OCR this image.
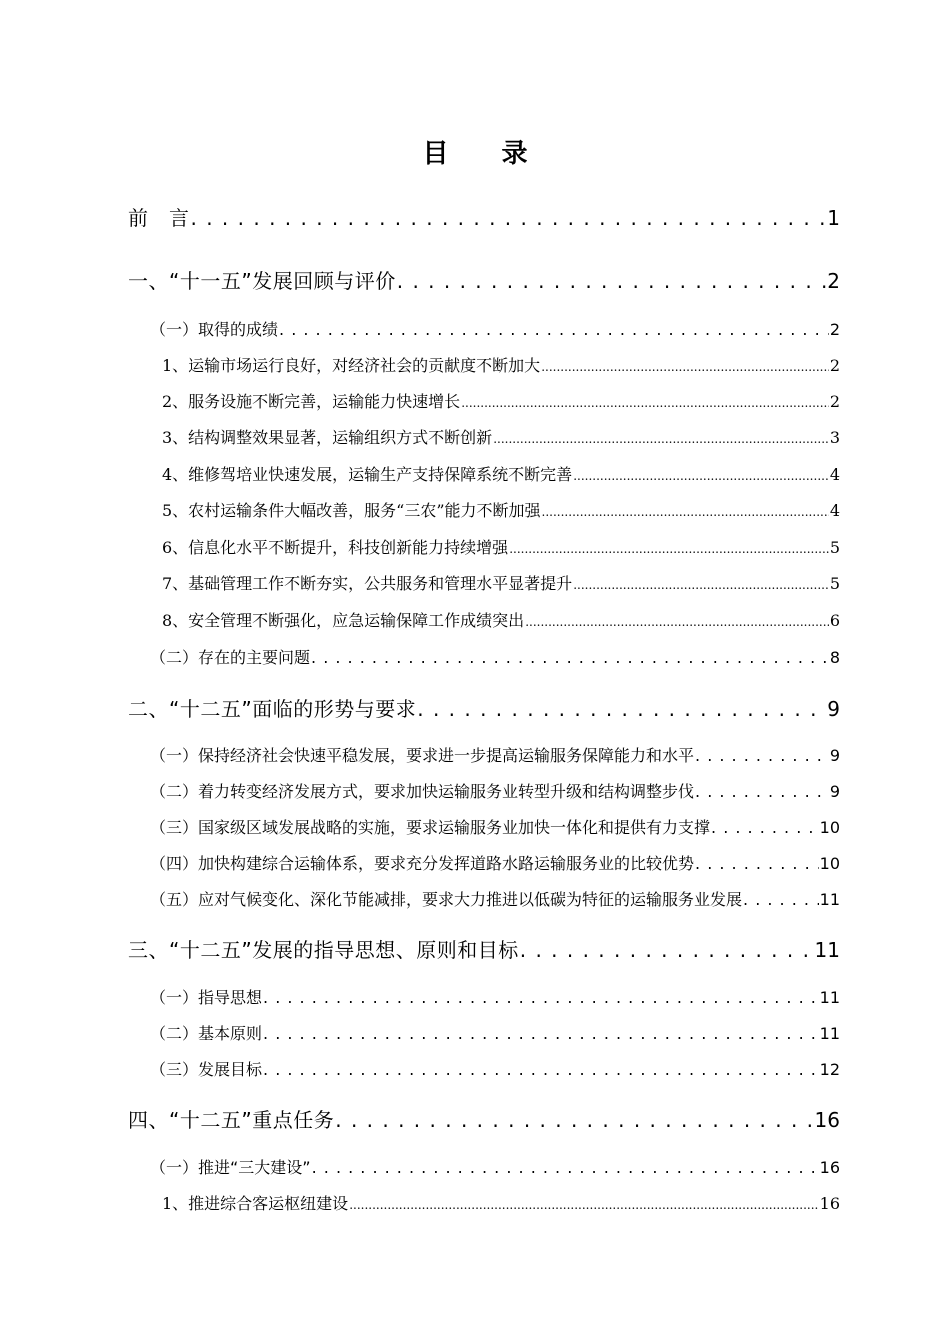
目 录
前　言 . . .	1
一、“十一五”发展回顾与评价 . . .	2
（一）取得的成绩 . . .	2
1、运输市场运行良好，对经济社会的贡献度不断加大 .....	2
2、服务设施不断完善，运输能力快速增长 .....	2
3、结构调整效果显著，运输组织方式不断创新 .....	3
4、维修驾培业快速发展，运输生产支持保障系统不断完善 .....	4
5、农村运输条件大幅改善，服务“三农”能力不断加强 .....	4
6、信息化水平不断提升，科技创新能力持续增强 .....	5
7、基础管理工作不断夯实，公共服务和管理水平显著提升 .....	5
8、安全管理不断强化，应急运输保障工作成绩突出 .....	6
（二）存在的主要问题 . . .	8
二、“十二五”面临的形势与要求 . . .	9
（一）保持经济社会快速平稳发展，要求进一步提高运输服务保障能力和水平 . . .	9
（二）着力转变经济发展方式，要求加快运输服务业转型升级和结构调整步伐 . . .	9
（三）国家级区域发展战略的实施，要求运输服务业加快一体化和提供有力支撑 . . .	10
（四）加快构建综合运输体系，要求充分发挥道路水路运输服务业的比较优势 . . .	10
（五）应对气候变化、深化节能减排，要求大力推进以低碳为特征的运输服务业发展 . . .	11
三、“十二五”发展的指导思想、原则和目标 . . .	11
（一）指导思想 . . .	11
（二）基本原则 . . .	11
（三）发展目标 . . .	12
四、“十二五”重点任务 . . .	16
（一）推进“三大建设” . . .	16
1、推进综合客运枢纽建设 .....	16
